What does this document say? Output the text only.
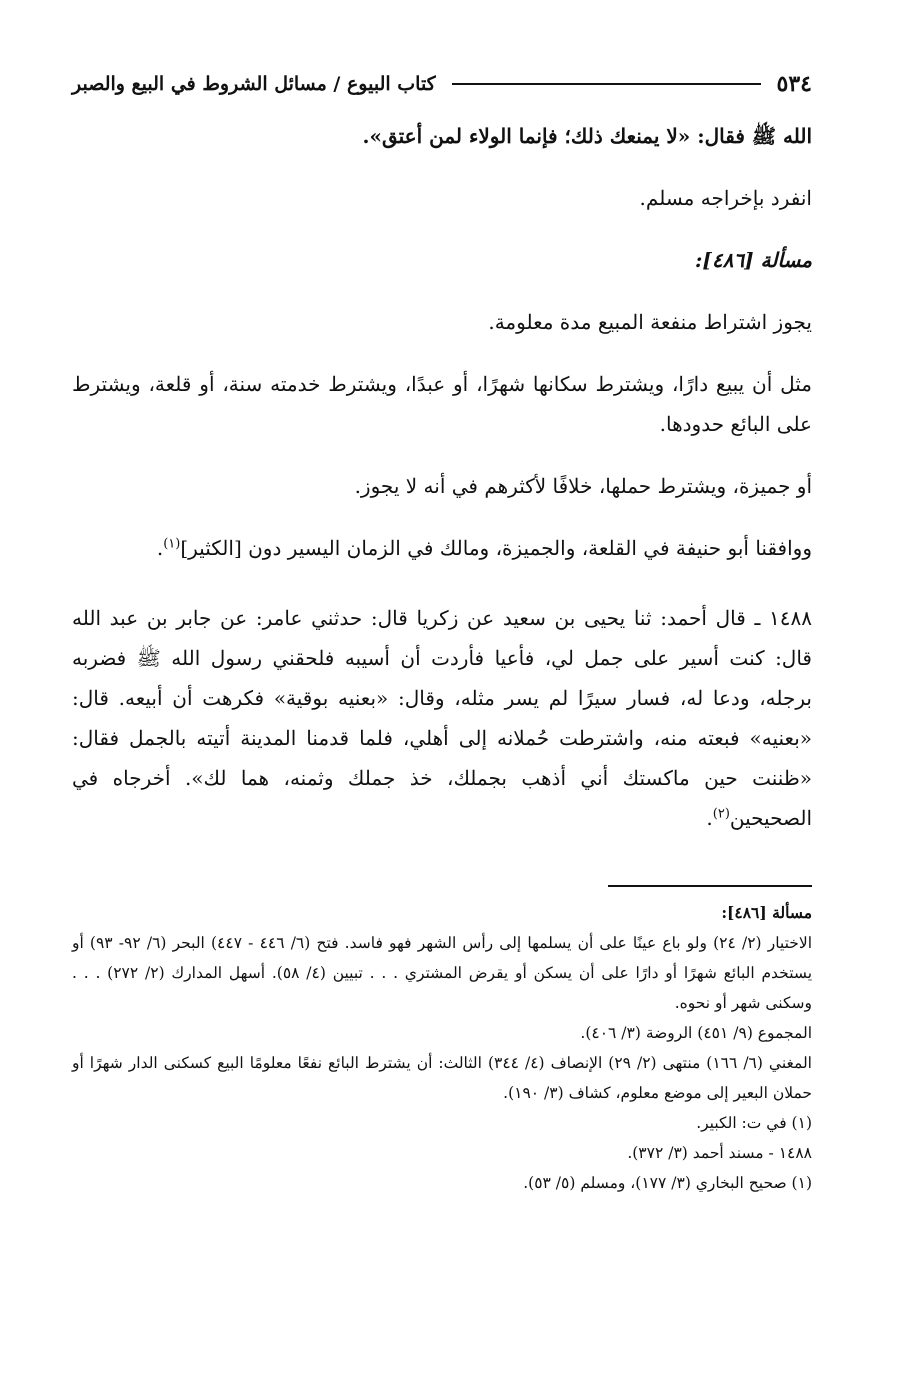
٥٣٤
كتاب البيوع / مسائل الشروط في البيع والصبر

الله ﷺ فقال: «لا يمنعك ذلك؛ فإنما الولاء لمن أعتق».

انفرد بإخراجه مسلم.

مسألة [٤٨٦]:

يجوز اشتراط منفعة المبيع مدة معلومة.

مثل أن يبيع دارًا، ويشترط سكانها شهرًا، أو عبدًا، ويشترط خدمته سنة، أو قلعة، ويشترط على البائع حدودها.

أو جميزة، ويشترط حملها، خلافًا لأكثرهم في أنه لا يجوز.

ووافقنا أبو حنيفة في القلعة، والجميزة، ومالك في الزمان اليسير دون [الكثير]$^{(١)}$.

١٤٨٨ ـ قال أحمد: ثنا يحيى بن سعيد عن زكريا قال: حدثني عامر: عن جابر بن عبد الله قال: كنت أسير على جمل لي، فأعيا فأردت أن أسيبه فلحقني رسول الله ﷺ فضربه برجله، ودعا له، فسار سيرًا لم يسر مثله، وقال: «بعنيه بوقية» فكرهت أن أبيعه. قال: «بعنيه» فبعته منه، واشترطت حُملانه إلى أهلي، فلما قدمنا المدينة أتيته بالجمل فقال: «ظننت حين ماكستك أني أذهب بجملك، خذ جملك وثمنه، هما لك». أخرجاه في الصحيحين$^{(٢)}$.

مسألة [٤٨٦]:

الاختيار (٢/ ٢٤) ولو باع عينًا على أن يسلمها إلى رأس الشهر فهو فاسد. فتح (٦/ ٤٤٦ - ٤٤٧) البحر (٦/ ٩٢- ٩٣) أو يستخدم البائع شهرًا أو دارًا على أن يسكن أو يقرض المشتري . . . تبيين (٤/ ٥٨). أسهل المدارك (٢/ ٢٧٢) . . . وسكنى شهر أو نحوه.

المجموع (٩/ ٤٥١) الروضة (٣/ ٤٠٦).

المغني (٦/ ١٦٦) منتهى (٢/ ٢٩) الإنصاف (٤/ ٣٤٤) الثالث: أن يشترط البائع نفعًا معلومًا البيع كسكنى الدار شهرًا أو حملان البعير إلى موضع معلوم، كشاف (٣/ ١٩٠).

(١) في ت: الكبير.

١٤٨٨ - مسند أحمد (٣/ ٣٧٢).

(١) صحيح البخاري (٣/ ١٧٧)، ومسلم (٥/ ٥٣).
